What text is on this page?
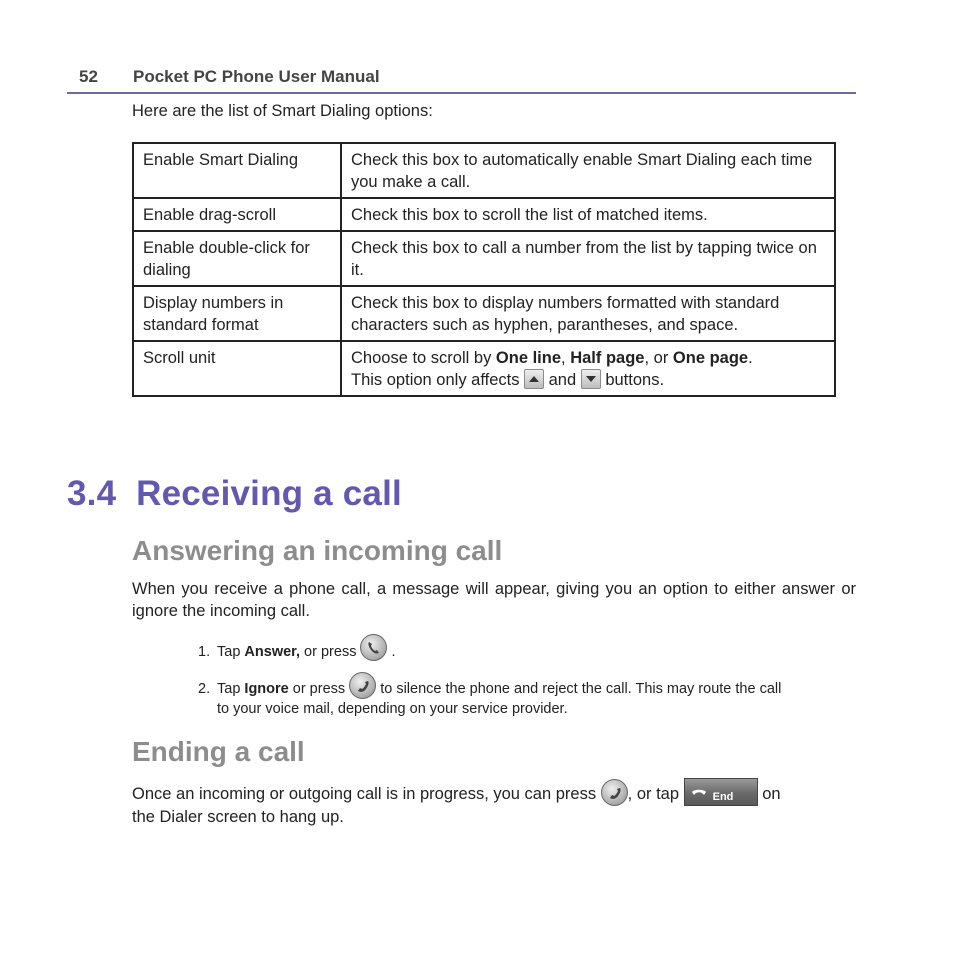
52 Pocket PC Phone User Manual
Here are the list of Smart Dialing options:
Enable Smart Dialing	Check this box to automatically enable Smart Dialing each time you make a call.
Enable drag-scroll	Check this box to scroll the list of matched items.
Enable double-click for dialing	Check this box to call a number from the list by tapping twice on it.
Display numbers in standard format	Check this box to display numbers formatted with standard characters such as hyphen, parantheses, and space.
Scroll unit	Choose to scroll by One line, Half page, or One page.
This option only affects
and
buttons.
3.4  Receiving a call
Answering an incoming call
When you receive a phone call, a message will appear, giving you an option to either answer or ignore the incoming call.
1. Tap Answer, or press
.
2. Tap Ignore or press
to silence the phone and reject the call. This may route the call
to your voice mail, depending on your service provider.
Ending a call
Once an incoming or outgoing call is in progress, you can press
, or tap	End on
the Dialer screen to hang up.
